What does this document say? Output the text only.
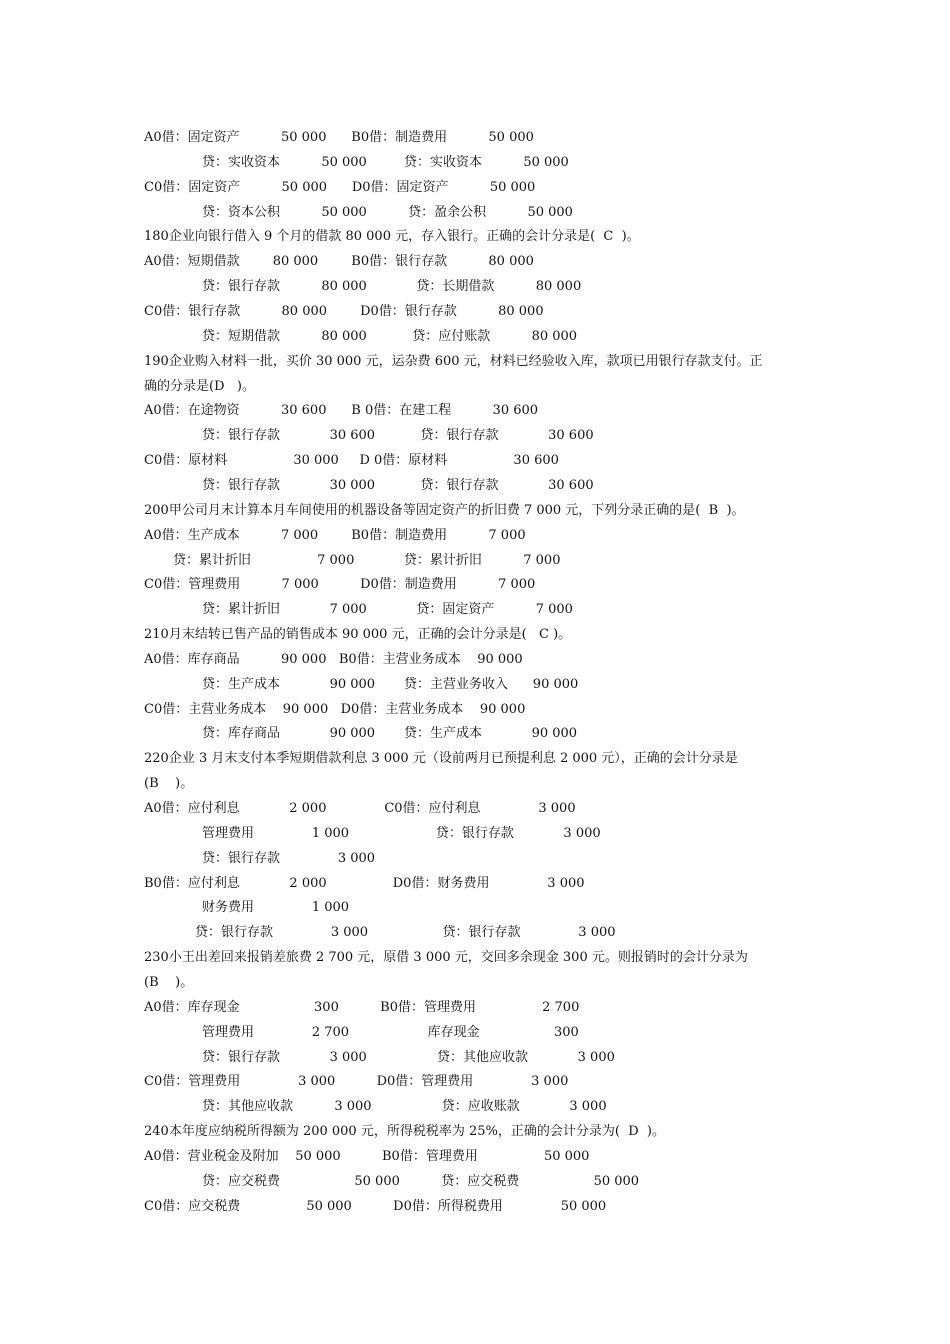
A0借：固定资产          50 000      B0借：制造费用          50 000
贷：实收资本          50 000         贷：实收资本          50 000
C0借：固定资产          50 000      D0借：固定资产          50 000
贷：资本公积          50 000          贷：盈余公积          50 000
180企业向银行借入 9 个月的借款 80 000 元，存入银行。正确的会计分录是(  C  )。
A0借：短期借款        80 000        B0借：银行存款          80 000
贷：银行存款          80 000            贷：长期借款          80 000
C0借：银行存款          80 000        D0借：银行存款          80 000
贷：短期借款          80 000           贷：应付账款          80 000
190企业购入材料一批，买价 30 000 元，运杂费 600 元，材料已经验收入库，款项已用银行存款支付。正
确的分录是(D   )。
A0借：在途物资          30 600      B 0借：在建工程          30 600
贷：银行存款            30 600           贷：银行存款            30 600
C0借：原材料                30 000     D 0借：原材料                30 600
贷：银行存款            30 000           贷：银行存款            30 600
200甲公司月末计算本月车间使用的机器设备等固定资产的折旧费 7 000 元，下列分录正确的是(  B  )。
A0借：生产成本          7 000        B0借：制造费用          7 000
贷：累计折旧                7 000            贷：累计折旧          7 000
C0借：管理费用          7 000          D0借：制造费用          7 000
贷：累计折旧            7 000            贷：固定资产          7 000
210月末结转已售产品的销售成本 90 000 元，正确的会计分录是(   C )。
A0借：库存商品          90 000   B0借：主营业务成本    90 000
贷：生产成本            90 000       贷：主营业务收入      90 000
C0借：主营业务成本    90 000   D0借：主营业务成本    90 000
贷：库存商品            90 000       贷：生产成本            90 000
220企业 3 月末支付本季短期借款利息 3 000 元（设前两月已预提利息 2 000 元），正确的会计分录是
(B    )。
A0借：应付利息            2 000              C0借：应付利息              3 000
管理费用              1 000                     贷：银行存款            3 000
贷：银行存款              3 000
B0借：应付利息            2 000                D0借：财务费用              3 000
财务费用              1 000
贷：银行存款              3 000                  贷：银行存款              3 000
230小王出差回来报销差旅费 2 700 元，原借 3 000 元，交回多余现金 300 元。则报销时的会计分录为
(B    )。
A0借：库存现金                  300          B0借：管理费用                2 700
管理费用              2 700                   库存现金                  300
贷：银行存款            3 000                 贷：其他应收款            3 000
C0借：管理费用              3 000          D0借：管理费用              3 000
贷：其他应收款          3 000                 贷：应收账款            3 000
240本年度应纳税所得额为 200 000 元，所得税税率为 25%，正确的会计分录为(  D  )。
A0借：营业税金及附加    50 000          B0借：管理费用                50 000
贷：应交税费                  50 000          贷：应交税费                  50 000
C0借：应交税费                50 000          D0借：所得税费用              50 000
